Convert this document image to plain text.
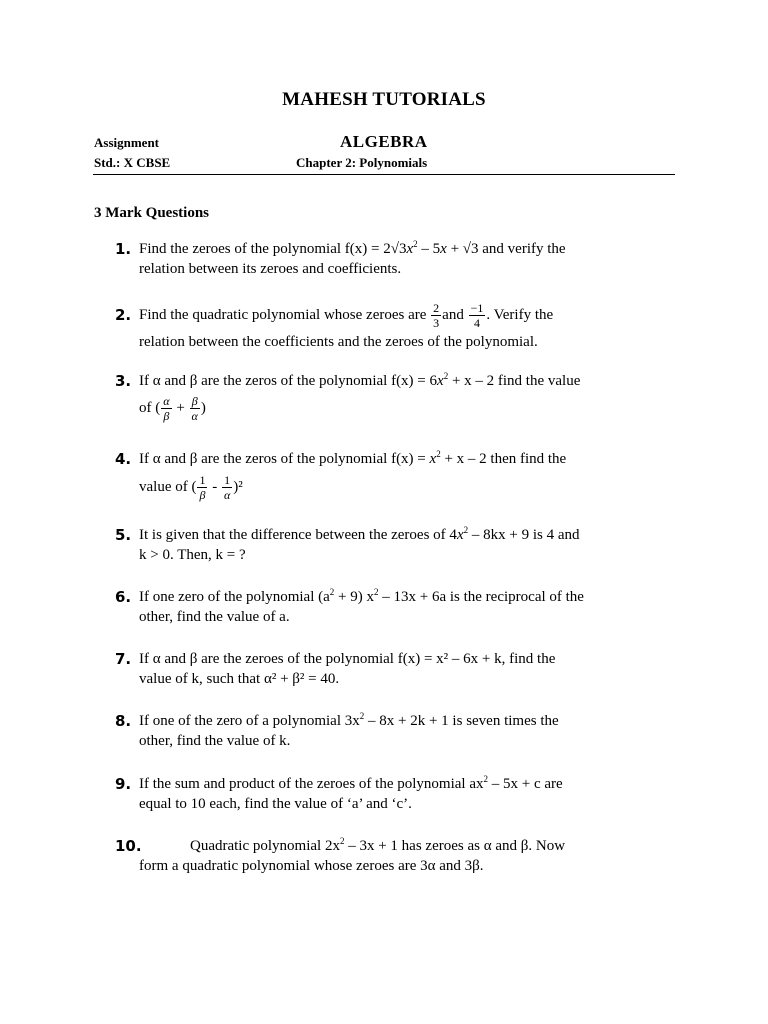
MAHESH TUTORIALS
Assignment	ALGEBRA
Std.: X CBSE	Chapter 2: Polynomials
3 Mark Questions
1. Find the zeroes of the polynomial $f(x) = 2√3x^2 - 5x + √3$ and verify the
relation between its zeroes and coefficients.
2. Find the quadratic polynomial whose zeroes are $\frac{2}{3}$ and $\frac{-1}{4}$ . Verify the
relation between the coefficients and the zeroes of the polynomial.
3. If α and β are the zeros of the polynomial $f(x) = 6x^2 + x - 2$ find the value
of ( $\frac{\alpha}{\beta} + \frac{\beta}{\alpha}$ )
4. If α and β are the zeros of the polynomial $f(x) = x^2 + x - 2$ then find the
value of ( $\frac{1}{\beta} - \frac{1}{\alpha} )^2$
5. It is given that the difference between the zeroes of $4x^2 - 8kx + 9$ is 4 and
k > 0. Then, k = ?
6. If one zero of the polynomial $(a^2 + 9)$ $x^2 - 13x + 6a$ is the reciprocal of the
other, find the value of a.
7. If α and β are the zeroes of the polynomial f(x) = x² – 6x + k, find the
value of k, such that α² + β² = 40.
8. If one of the zero of a polynomial $3x^2 - 8x + 2k + 1$ is seven times the
other, find the value of k.
9. If the sum and product of the zeroes of the polynomial $ax^2 - 5x + c$ are
equal to 10 each, find the value of ‘a’ and ‘c’.
10.	Quadratic polynomial $2x^2 - 3x + 1$ has zeroes as α and β. Now
form a quadratic polynomial whose zeroes are 3α and 3β.
